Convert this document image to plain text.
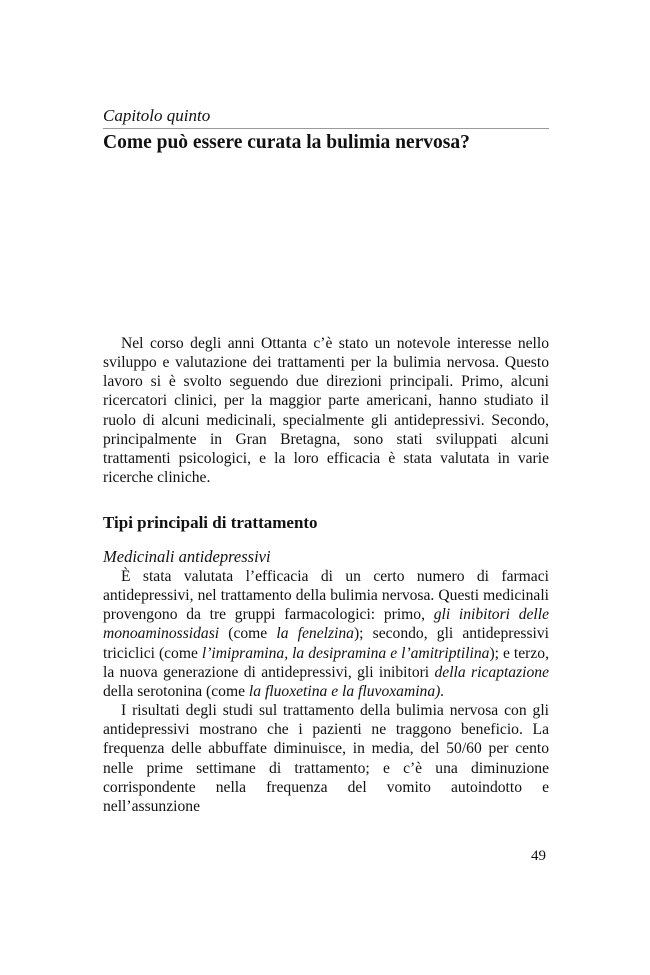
Capitolo quinto
Come può essere curata la bulimia nervosa?

Nel corso degli anni Ottanta c’è stato un notevole interesse nello sviluppo e valutazione dei trattamenti per la bulimia nervosa. Questo lavoro si è svolto seguendo due direzioni principali. Primo, alcuni ricercatori clinici, per la maggior parte americani, hanno studiato il ruolo di alcuni medicinali, specialmente gli antidepressivi. Secondo, principalmente in Gran Bretagna, sono stati sviluppati alcuni trattamenti psicologici, e la loro efficacia è stata valutata in varie ricerche cliniche.

Tipi principali di trattamento
Medicinali antidepressivi

È stata valutata l’efficacia di un certo numero di farmaci antidepressivi, nel trattamento della bulimia nervosa. Questi medicinali provengono da tre gruppi farmacologici: primo, gli inibitori delle monoaminossidasi (come la fenelzina); secondo, gli antidepressivi triciclici (come l’imipramina, la desipramina e l’amitriptilina); e terzo, la nuova generazione di antidepressivi, gli inibitori della ricaptazione della serotonina (come la fluoxetina e la fluvoxamina).

I risultati degli studi sul trattamento della bulimia nervosa con gli antidepressivi mostrano che i pazienti ne traggono beneficio. La frequenza delle abbuffate diminuisce, in media, del 50/60 per cento nelle prime settimane di trattamento; e c’è una diminuzione corrispondente nella frequenza del vomito autoindotto e nell’assunzione

49
